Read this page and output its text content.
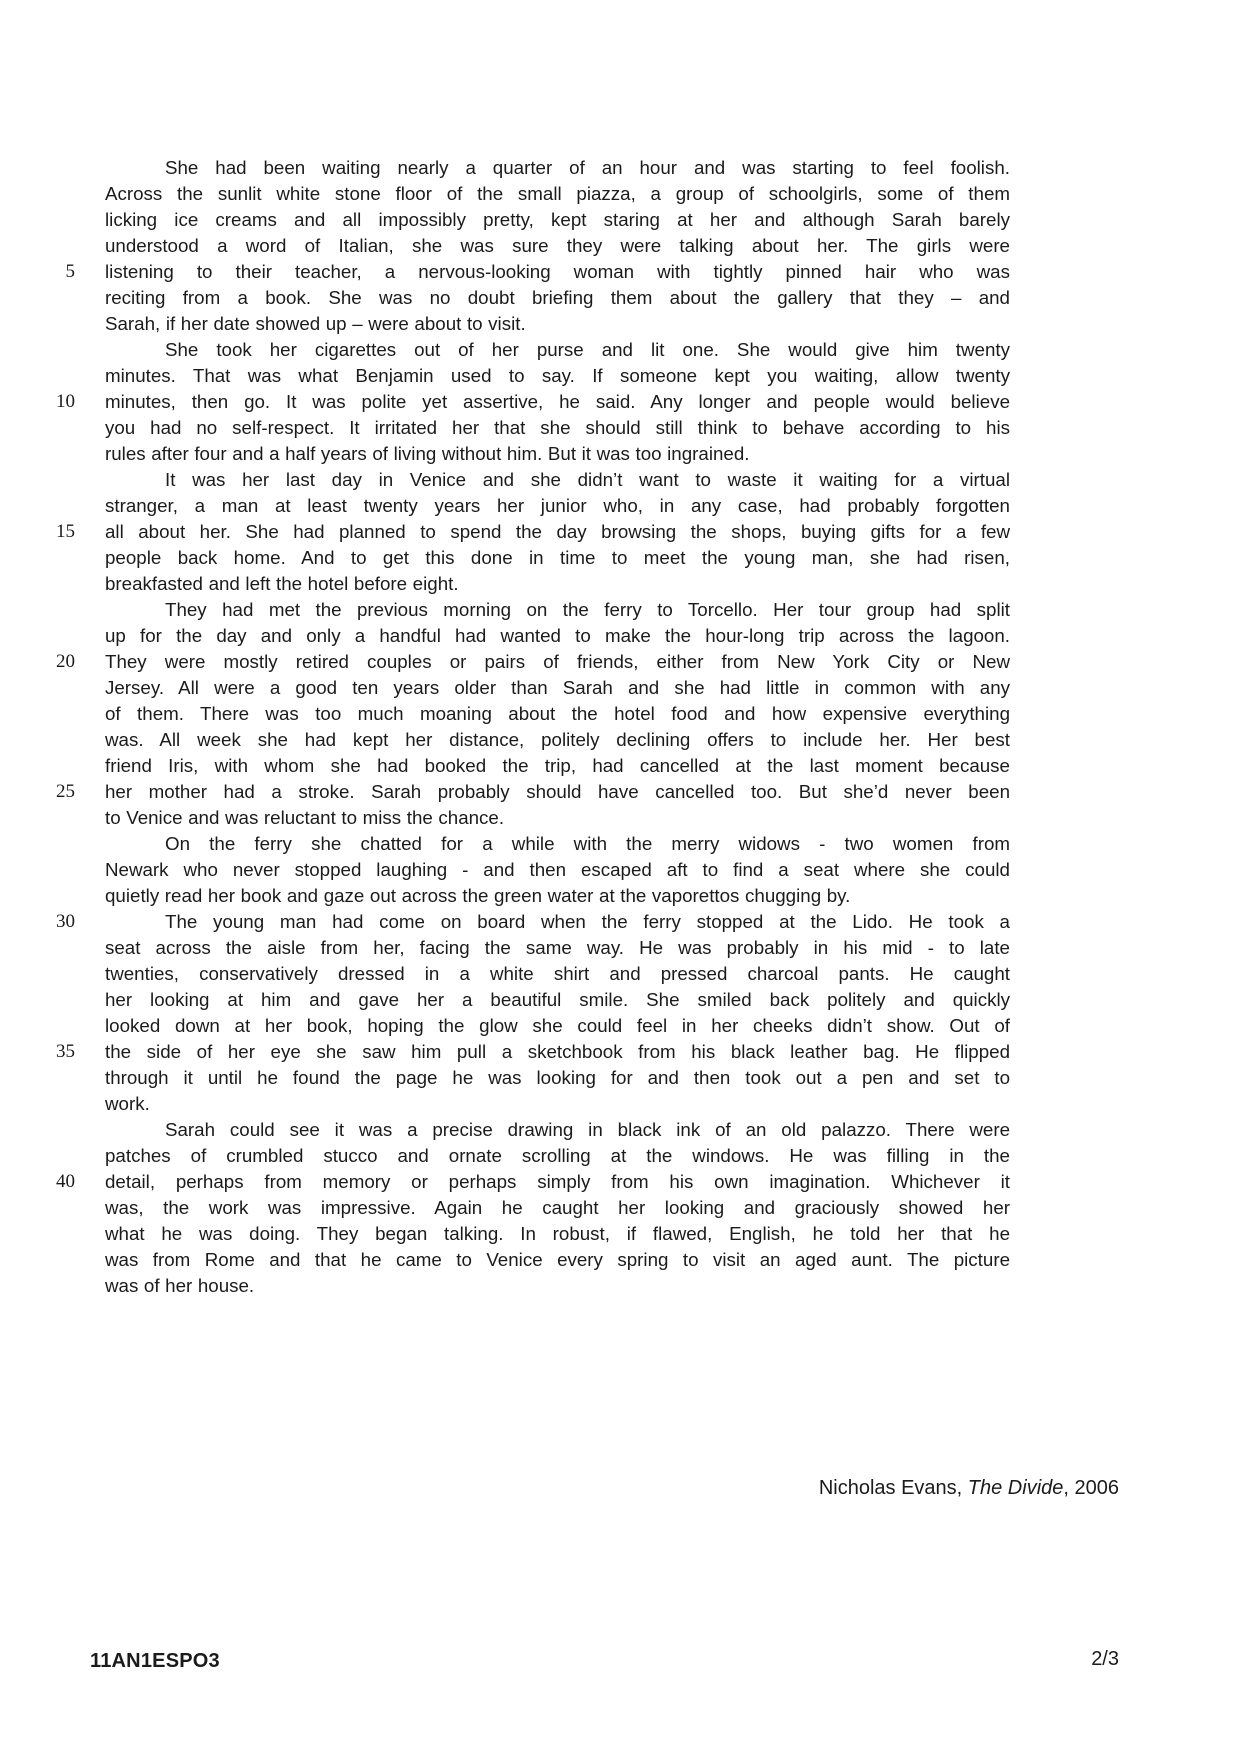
She had been waiting nearly a quarter of an hour and was starting to feel foolish.
Across the sunlit white stone floor of the small piazza, a group of schoolgirls, some of them
licking ice creams and all impossibly pretty, kept staring at her and although Sarah barely
understood a word of Italian, she was sure they were talking about her. The girls were
5 listening to their teacher, a nervous-looking woman with tightly pinned hair who was
reciting from a book. She was no doubt briefing them about the gallery that they – and
Sarah, if her date showed up – were about to visit.
She took her cigarettes out of her purse and lit one. She would give him twenty
minutes. That was what Benjamin used to say. If someone kept you waiting, allow twenty
10 minutes, then go. It was polite yet assertive, he said. Any longer and people would believe
you had no self-respect. It irritated her that she should still think to behave according to his
rules after four and a half years of living without him. But it was too ingrained.
It was her last day in Venice and she didn’t want to waste it waiting for a virtual
stranger, a man at least twenty years her junior who, in any case, had probably forgotten
15 all about her. She had planned to spend the day browsing the shops, buying gifts for a few
people back home. And to get this done in time to meet the young man, she had risen,
breakfasted and left the hotel before eight.
They had met the previous morning on the ferry to Torcello. Her tour group had split
up for the day and only a handful had wanted to make the hour-long trip across the lagoon.
20 They were mostly retired couples or pairs of friends, either from New York City or New
Jersey. All were a good ten years older than Sarah and she had little in common with any
of them. There was too much moaning about the hotel food and how expensive everything
was. All week she had kept her distance, politely declining offers to include her. Her best
friend Iris, with whom she had booked the trip, had cancelled at the last moment because
25 her mother had a stroke. Sarah probably should have cancelled too. But she’d never been
to Venice and was reluctant to miss the chance.
On the ferry she chatted for a while with the merry widows - two women from
Newark who never stopped laughing - and then escaped aft to find a seat where she could
quietly read her book and gaze out across the green water at the vaporettos chugging by.
30	The young man had come on board when the ferry stopped at the Lido. He took a
seat across the aisle from her, facing the same way. He was probably in his mid - to late
twenties, conservatively dressed in a white shirt and pressed charcoal pants. He caught
her looking at him and gave her a beautiful smile. She smiled back politely and quickly
looked down at her book, hoping the glow she could feel in her cheeks didn’t show. Out of
35 the side of her eye she saw him pull a sketchbook from his black leather bag. He flipped
through it until he found the page he was looking for and then took out a pen and set to
work.
Sarah could see it was a precise drawing in black ink of an old palazzo. There were
patches of crumbled stucco and ornate scrolling at the windows. He was filling in the
40 detail, perhaps from memory or perhaps simply from his own imagination. Whichever it
was, the work was impressive. Again he caught her looking and graciously showed her
what he was doing. They began talking. In robust, if flawed, English, he told her that he
was from Rome and that he came to Venice every spring to visit an aged aunt. The picture
was of her house.
Nicholas Evans, The Divide, 2006
11AN1ESPO3	2/3
